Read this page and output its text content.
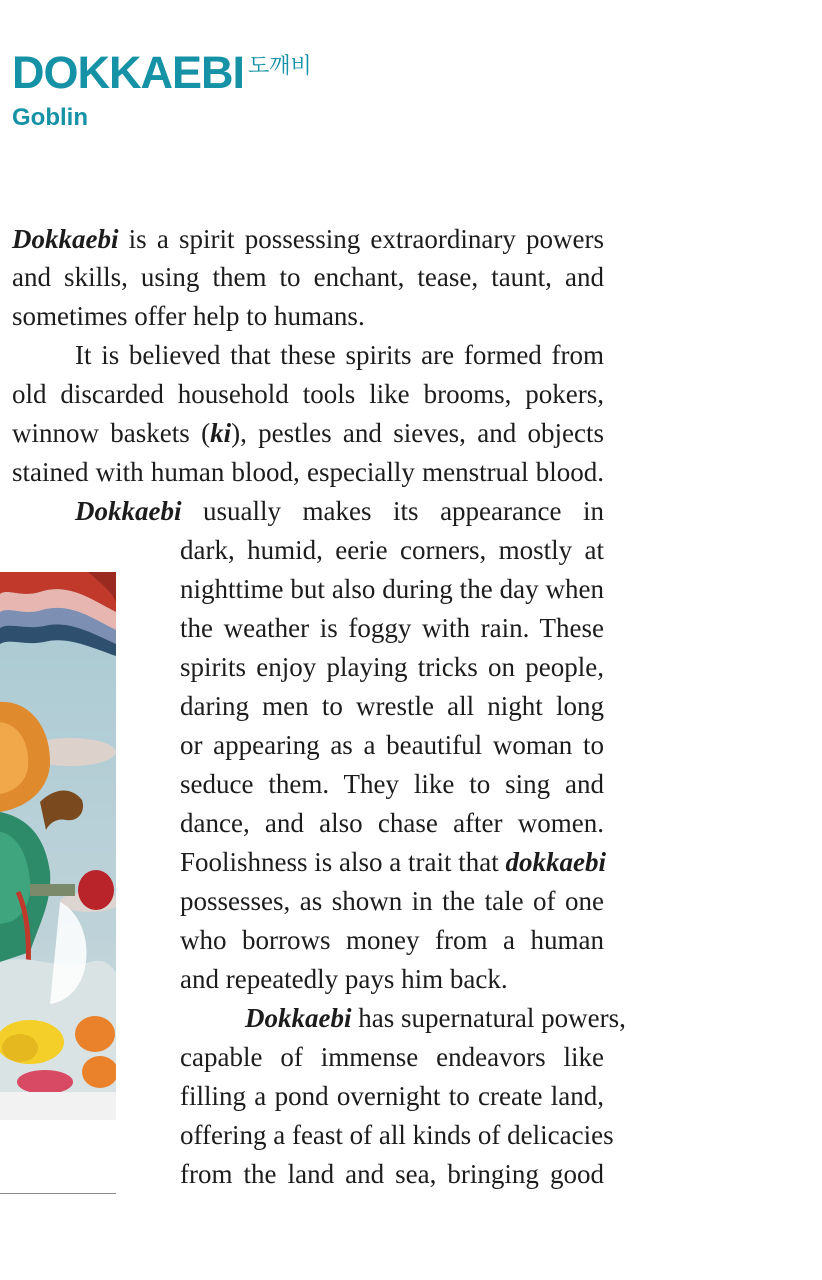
DOKKAEBI 도깨비
Goblin
Dokkaebi is a spirit possessing extraordinary powers
and skills, using them to enchant, tease, taunt, and
sometimes offer help to humans.
It is believed that these spirits are formed from
old discarded household tools like brooms, pokers,
winnow baskets (ki), pestles and sieves, and objects
stained with human blood, especially menstrual blood.
Dokkaebi usually makes its appearance in
dark, humid, eerie corners, mostly at
nighttime but also during the day when
the weather is foggy with rain. These
spirits enjoy playing tricks on people,
daring men to wrestle all night long
or appearing as a beautiful woman to
seduce them. They like to sing and
dance, and also chase after women.
Foolishness is also a trait that dokkaebi
possesses, as shown in the tale of one
who borrows money from a human
and repeatedly pays him back.
Dokkaebi has supernatural powers,
capable of immense endeavors like
filling a pond overnight to create land,
offering a feast of all kinds of delicacies
from the land and sea, bringing good
